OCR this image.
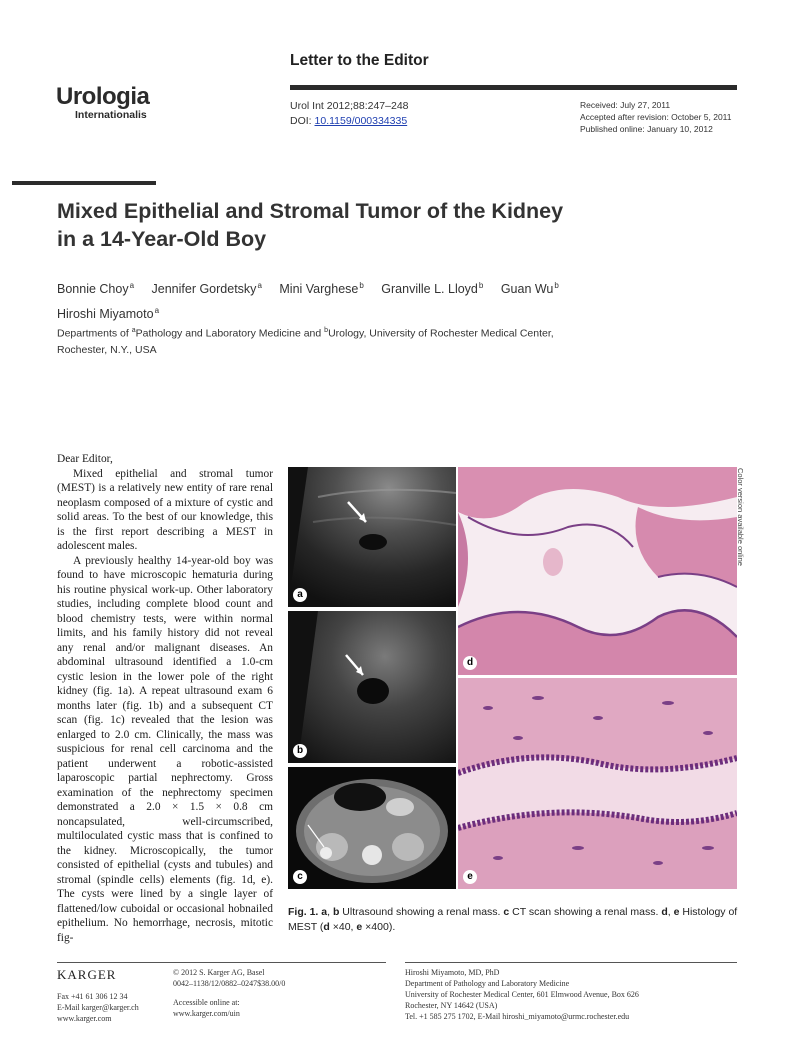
Urologia
Internationalis
Letter to the Editor
Urol Int 2012;88:247–248
DOI: 10.1159/000334335
Received: July 27, 2011
Accepted after revision: October 5, 2011
Published online: January 10, 2012
Mixed Epithelial and Stromal Tumor of the Kidney
in a 14-Year-Old Boy
Bonnie Choy$^a$ Jennifer Gordetsky$^a$ Mini Varghese$^b$ Granville L. Lloyd$^b$ Guan Wu$^b$
Hiroshi Miyamoto$^a$
Departments of $^a$Pathology and Laboratory Medicine and $^b$Urology, University of Rochester Medical Center,
Rochester, N.Y., USA

Dear Editor,

Mixed epithelial and stromal tumor (MEST) is a relatively new entity of rare renal neoplasm composed of a mixture of cystic and solid areas. To the best of our knowledge, this is the first report describing a MEST in adolescent males.

A previously healthy 14-year-old boy was found to have microscopic hematuria during his routine physical work-up. Other laboratory studies, including complete blood count and blood chemistry tests, were within normal limits, and his family history did not reveal any renal and/or malignant diseases. An abdominal ultrasound identified a 1.0-cm cystic lesion in the lower pole of the right kidney (fig. 1a). A repeat ultrasound exam 6 months later (fig. 1b) and a subsequent CT scan (fig. 1c) revealed that the lesion was enlarged to 2.0 cm. Clinically, the mass was suspicious for renal cell carcinoma and the patient underwent a robotic-assisted laparoscopic partial nephrectomy. Gross examination of the nephrectomy specimen demonstrated a 2.0 × 1.5 × 0.8 cm noncapsulated, well-circumscribed, multiloculated cystic mass that is confined to the kidney. Microscopically, the tumor consisted of epithelial (cysts and tubules) and stromal (spindle cells) elements (fig. 1d, e). The cysts were lined by a single layer of flattened/low cuboidal or occasional hobnailed epithelium. No hemorrhage, necrosis, mitotic fig-

a
b
c
d
e
Color version available online
Fig. 1. a, b Ultrasound showing a renal mass. c CT scan showing a renal mass. d, e Histology of MEST (d ×40, e ×400).
KARGER
Fax +41 61 306 12 34
E-Mail karger@karger.ch
www.karger.com
© 2012 S. Karger AG, Basel
0042–1138/12/0882–0247$38.00/0
Accessible online at:
www.karger.com/uin
Hiroshi Miyamoto, MD, PhD
Department of Pathology and Laboratory Medicine
University of Rochester Medical Center, 601 Elmwood Avenue, Box 626
Rochester, NY 14642 (USA)
Tel. +1 585 275 1702, E-Mail hiroshi_miyamoto@urmc.rochester.edu
